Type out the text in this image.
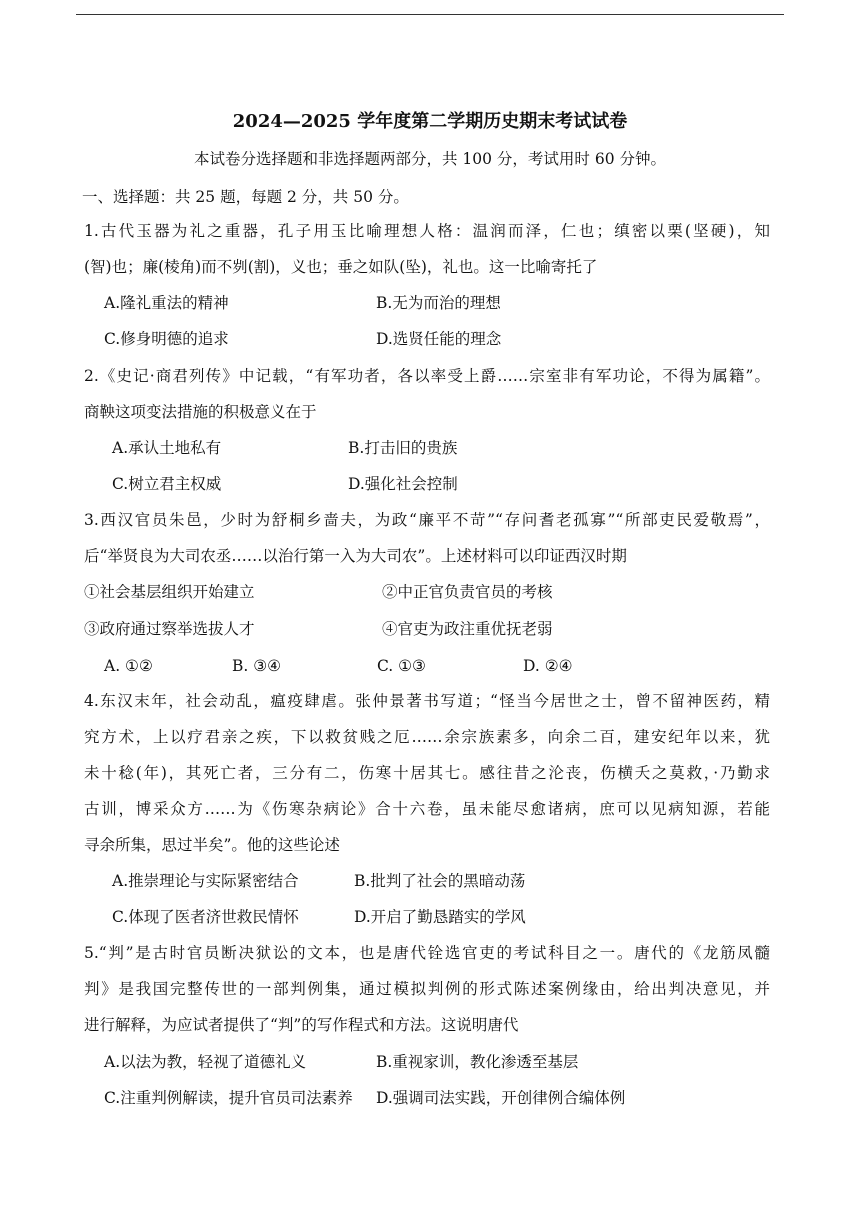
2024—2025 学年度第二学期历史期末考试试卷
本试卷分选择题和非选择题两部分，共 100 分，考试用时 60 分钟。
一、选择题：共 25 题，每题 2 分，共 50 分。
1.古代玉器为礼之重器，孔子用玉比喻理想人格：温润而泽，仁也；缜密以栗(坚硬)，知
(智)也；廉(棱角)而不刿(割)，义也；垂之如队(坠)，礼也。这一比喻寄托了
A.隆礼重法的精神	B.无为而治的理想
C.修身明德的追求	D.选贤任能的理念
2.《史记·商君列传》中记载，“有军功者，各以率受上爵……宗室非有军功论，不得为属籍”。
商鞅这项变法措施的积极意义在于
A.承认土地私有	B.打击旧的贵族
C.树立君主权威	D.强化社会控制
3.西汉官员朱邑，少时为舒桐乡啬夫，为政“廉平不苛”“存问耆老孤寡”“所部吏民爱敬焉”，
后“举贤良为大司农丞……以治行第一入为大司农”。上述材料可以印证西汉时期
①社会基层组织开始建立	②中正官负责官员的考核
③政府通过察举选拔人才	④官吏为政注重优抚老弱
A. ①②	B. ③④	C. ①③	D. ②④
4.东汉末年，社会动乱，瘟疫肆虐。张仲景著书写道；“怪当今居世之士，曾不留神医药，精
究方术，上以疗君亲之疾，下以救贫贱之厄……余宗族素多，向余二百，建安纪年以来，犹
未十稔(年)，其死亡者，三分有二，伤寒十居其七。感往昔之沦丧，伤横夭之莫救，·乃勤求
古训，博采众方……为《伤寒杂病论》合十六卷，虽未能尽愈诸病，庶可以见病知源，若能
寻余所集，思过半矣”。他的这些论述
A.推崇理论与实际紧密结合	B.批判了社会的黑暗动荡
C.体现了医者济世救民情怀	D.开启了勤恳踏实的学风
5.“判”是古时官员断决狱讼的文本，也是唐代铨选官吏的考试科目之一。唐代的《龙筋凤髓
判》是我国完整传世的一部判例集，通过模拟判例的形式陈述案例缘由，给出判决意见，并
进行解释，为应试者提供了“判”的写作程式和方法。这说明唐代
A.以法为教，轻视了道德礼义	B.重视家训，教化渗透至基层
C.注重判例解读，提升官员司法素养 D.强调司法实践，开创律例合编体例
